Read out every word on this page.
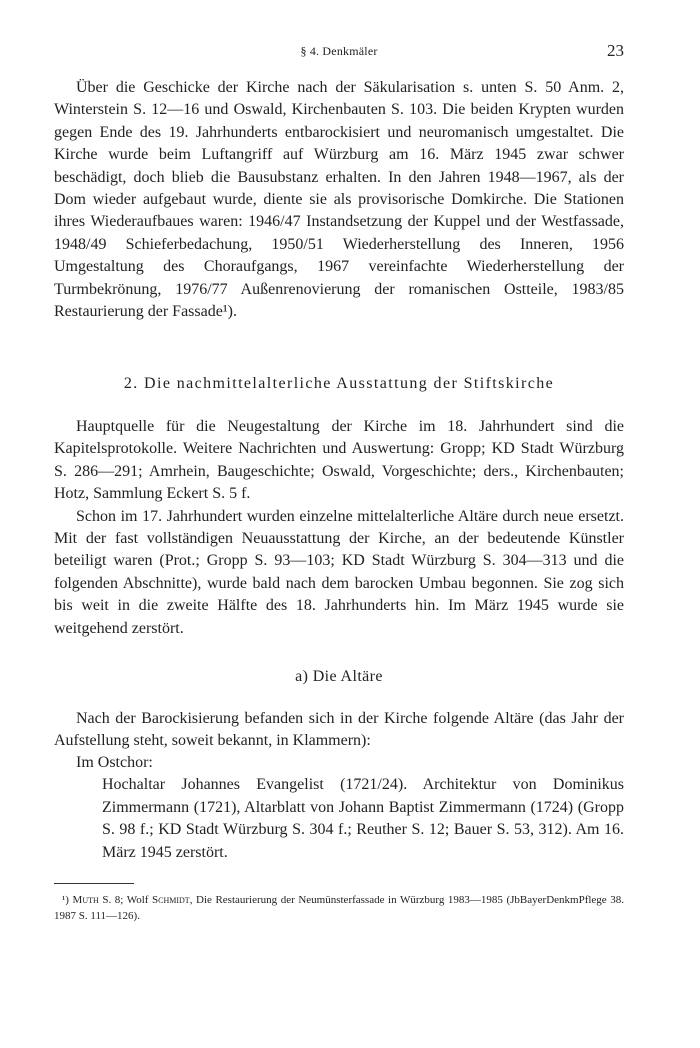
§ 4. Denkmäler	23

Über die Geschicke der Kirche nach der Säkularisation s. unten S. 50 Anm. 2, Winterstein S. 12—16 und Oswald, Kirchenbauten S. 103. Die beiden Krypten wurden gegen Ende des 19. Jahrhunderts entbarockisiert und neuromanisch umgestaltet. Die Kirche wurde beim Luftangriff auf Würzburg am 16. März 1945 zwar schwer beschädigt, doch blieb die Bausubstanz erhalten. In den Jahren 1948—1967, als der Dom wieder aufgebaut wurde, diente sie als provisorische Domkirche. Die Stationen ihres Wiederaufbaues waren: 1946/47 Instandsetzung der Kuppel und der Westfassade, 1948/49 Schieferbedachung, 1950/51 Wiederherstellung des Inneren, 1956 Umgestaltung des Choraufgangs, 1967 vereinfachte Wiederherstellung der Turmbekrönung, 1976/77 Außenrenovierung der romanischen Ostteile, 1983/85 Restaurierung der Fassade¹).

2. Die nachmittelalterliche Ausstattung der Stiftskirche

Hauptquelle für die Neugestaltung der Kirche im 18. Jahrhundert sind die Kapitelsprotokolle. Weitere Nachrichten und Auswertung: Gropp; KD Stadt Würzburg S. 286—291; Amrhein, Baugeschichte; Oswald, Vorgeschichte; ders., Kirchenbauten; Hotz, Sammlung Eckert S. 5 f.

Schon im 17. Jahrhundert wurden einzelne mittelalterliche Altäre durch neue ersetzt. Mit der fast vollständigen Neuausstattung der Kirche, an der bedeutende Künstler beteiligt waren (Prot.; Gropp S. 93—103; KD Stadt Würzburg S. 304—313 und die folgenden Abschnitte), wurde bald nach dem barocken Umbau begonnen. Sie zog sich bis weit in die zweite Hälfte des 18. Jahrhunderts hin. Im März 1945 wurde sie weitgehend zerstört.

a) Die Altäre

Nach der Barockisierung befanden sich in der Kirche folgende Altäre (das Jahr der Aufstellung steht, soweit bekannt, in Klammern):

Im Ostchor:

Hochaltar Johannes Evangelist (1721/24). Architektur von Dominikus Zimmermann (1721), Altarblatt von Johann Baptist Zimmermann (1724) (Gropp S. 98 f.; KD Stadt Würzburg S. 304 f.; Reuther S. 12; Bauer S. 53, 312). Am 16. März 1945 zerstört.

¹) Muth S. 8; Wolf Schmidt, Die Restaurierung der Neumünsterfassade in Würzburg 1983—1985 (JbBayerDenkmPflege 38. 1987 S. 111—126).
